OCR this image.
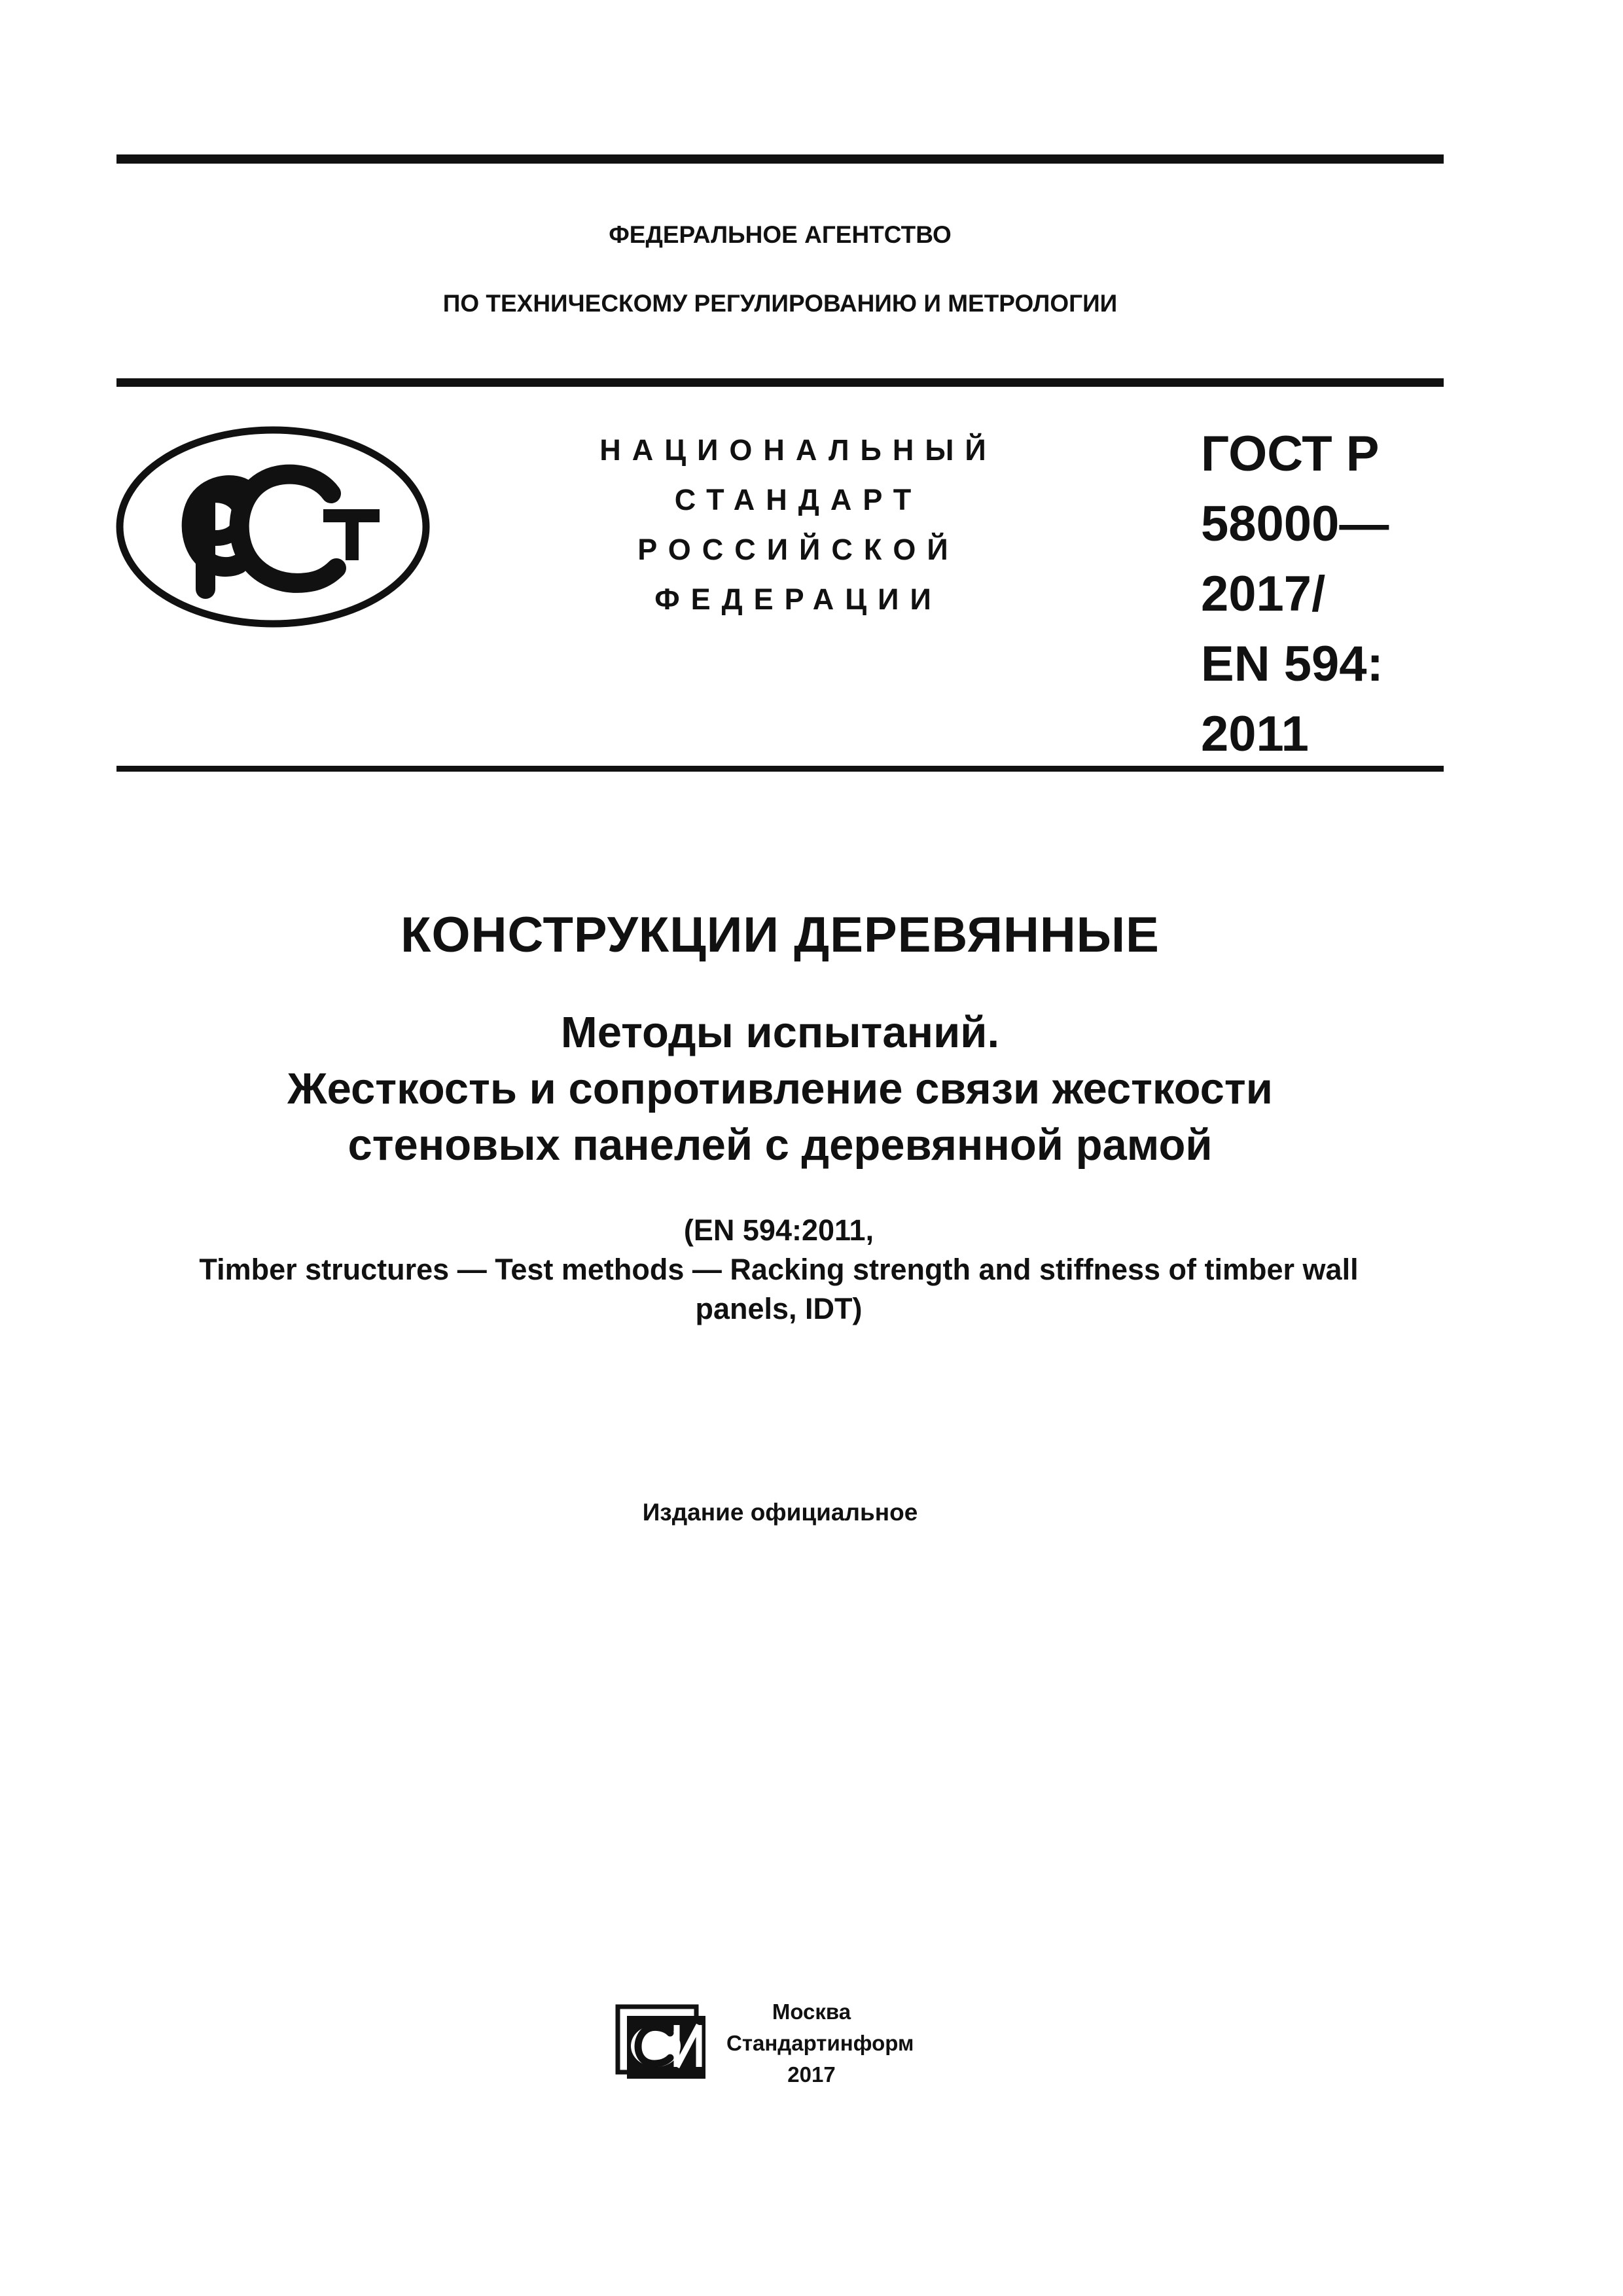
ФЕДЕРАЛЬНОЕ АГЕНТСТВО
ПО ТЕХНИЧЕСКОМУ РЕГУЛИРОВАНИЮ И МЕТРОЛОГИИ
НАЦИОНАЛЬНЫЙ
СТАНДАРТ
РОССИЙСКОЙ
ФЕДЕРАЦИИ
ГОСТ Р
58000—
2017/
EN 594:
2011
КОНСТРУКЦИИ ДЕРЕВЯННЫЕ
Методы испытаний.
Жесткость и сопротивление связи жесткости
стеновых панелей с деревянной рамой
(EN 594:2011,
Timber structures — Test methods — Racking strength and stiffness of timber wall
panels, IDT)
Издание официальное
Москва
Стандартинформ
2017
